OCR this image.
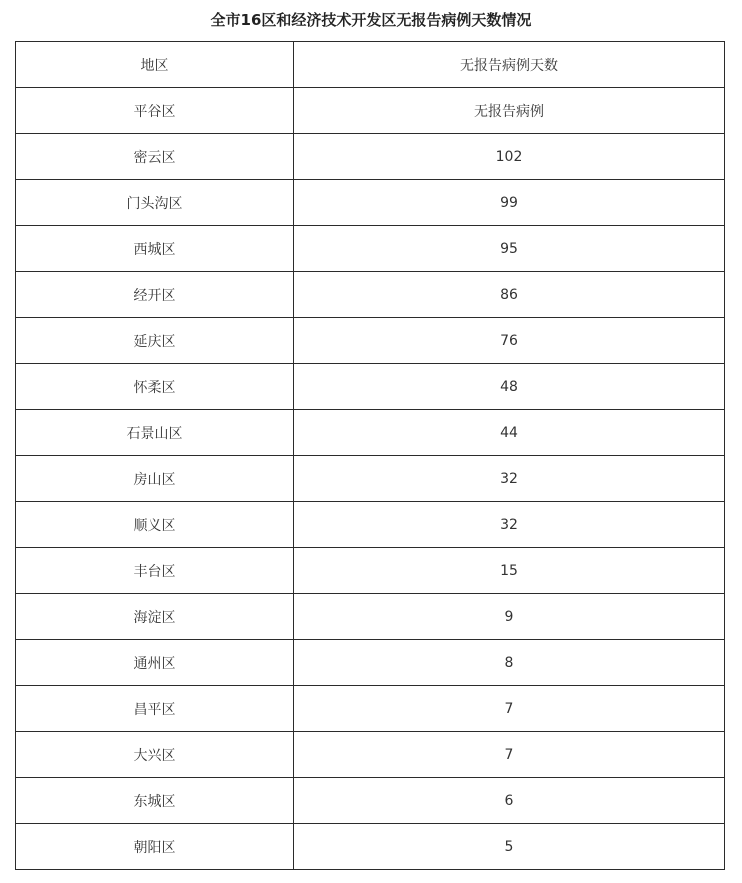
全市16区和经济技术开发区无报告病例天数情况
地区	无报告病例天数
平谷区	无报告病例
密云区	102
门头沟区	99
西城区	95
经开区	86
延庆区	76
怀柔区	48
石景山区	44
房山区	32
顺义区	32
丰台区	15
海淀区	9
通州区	8
昌平区	7
大兴区	7
东城区	6
朝阳区	5
